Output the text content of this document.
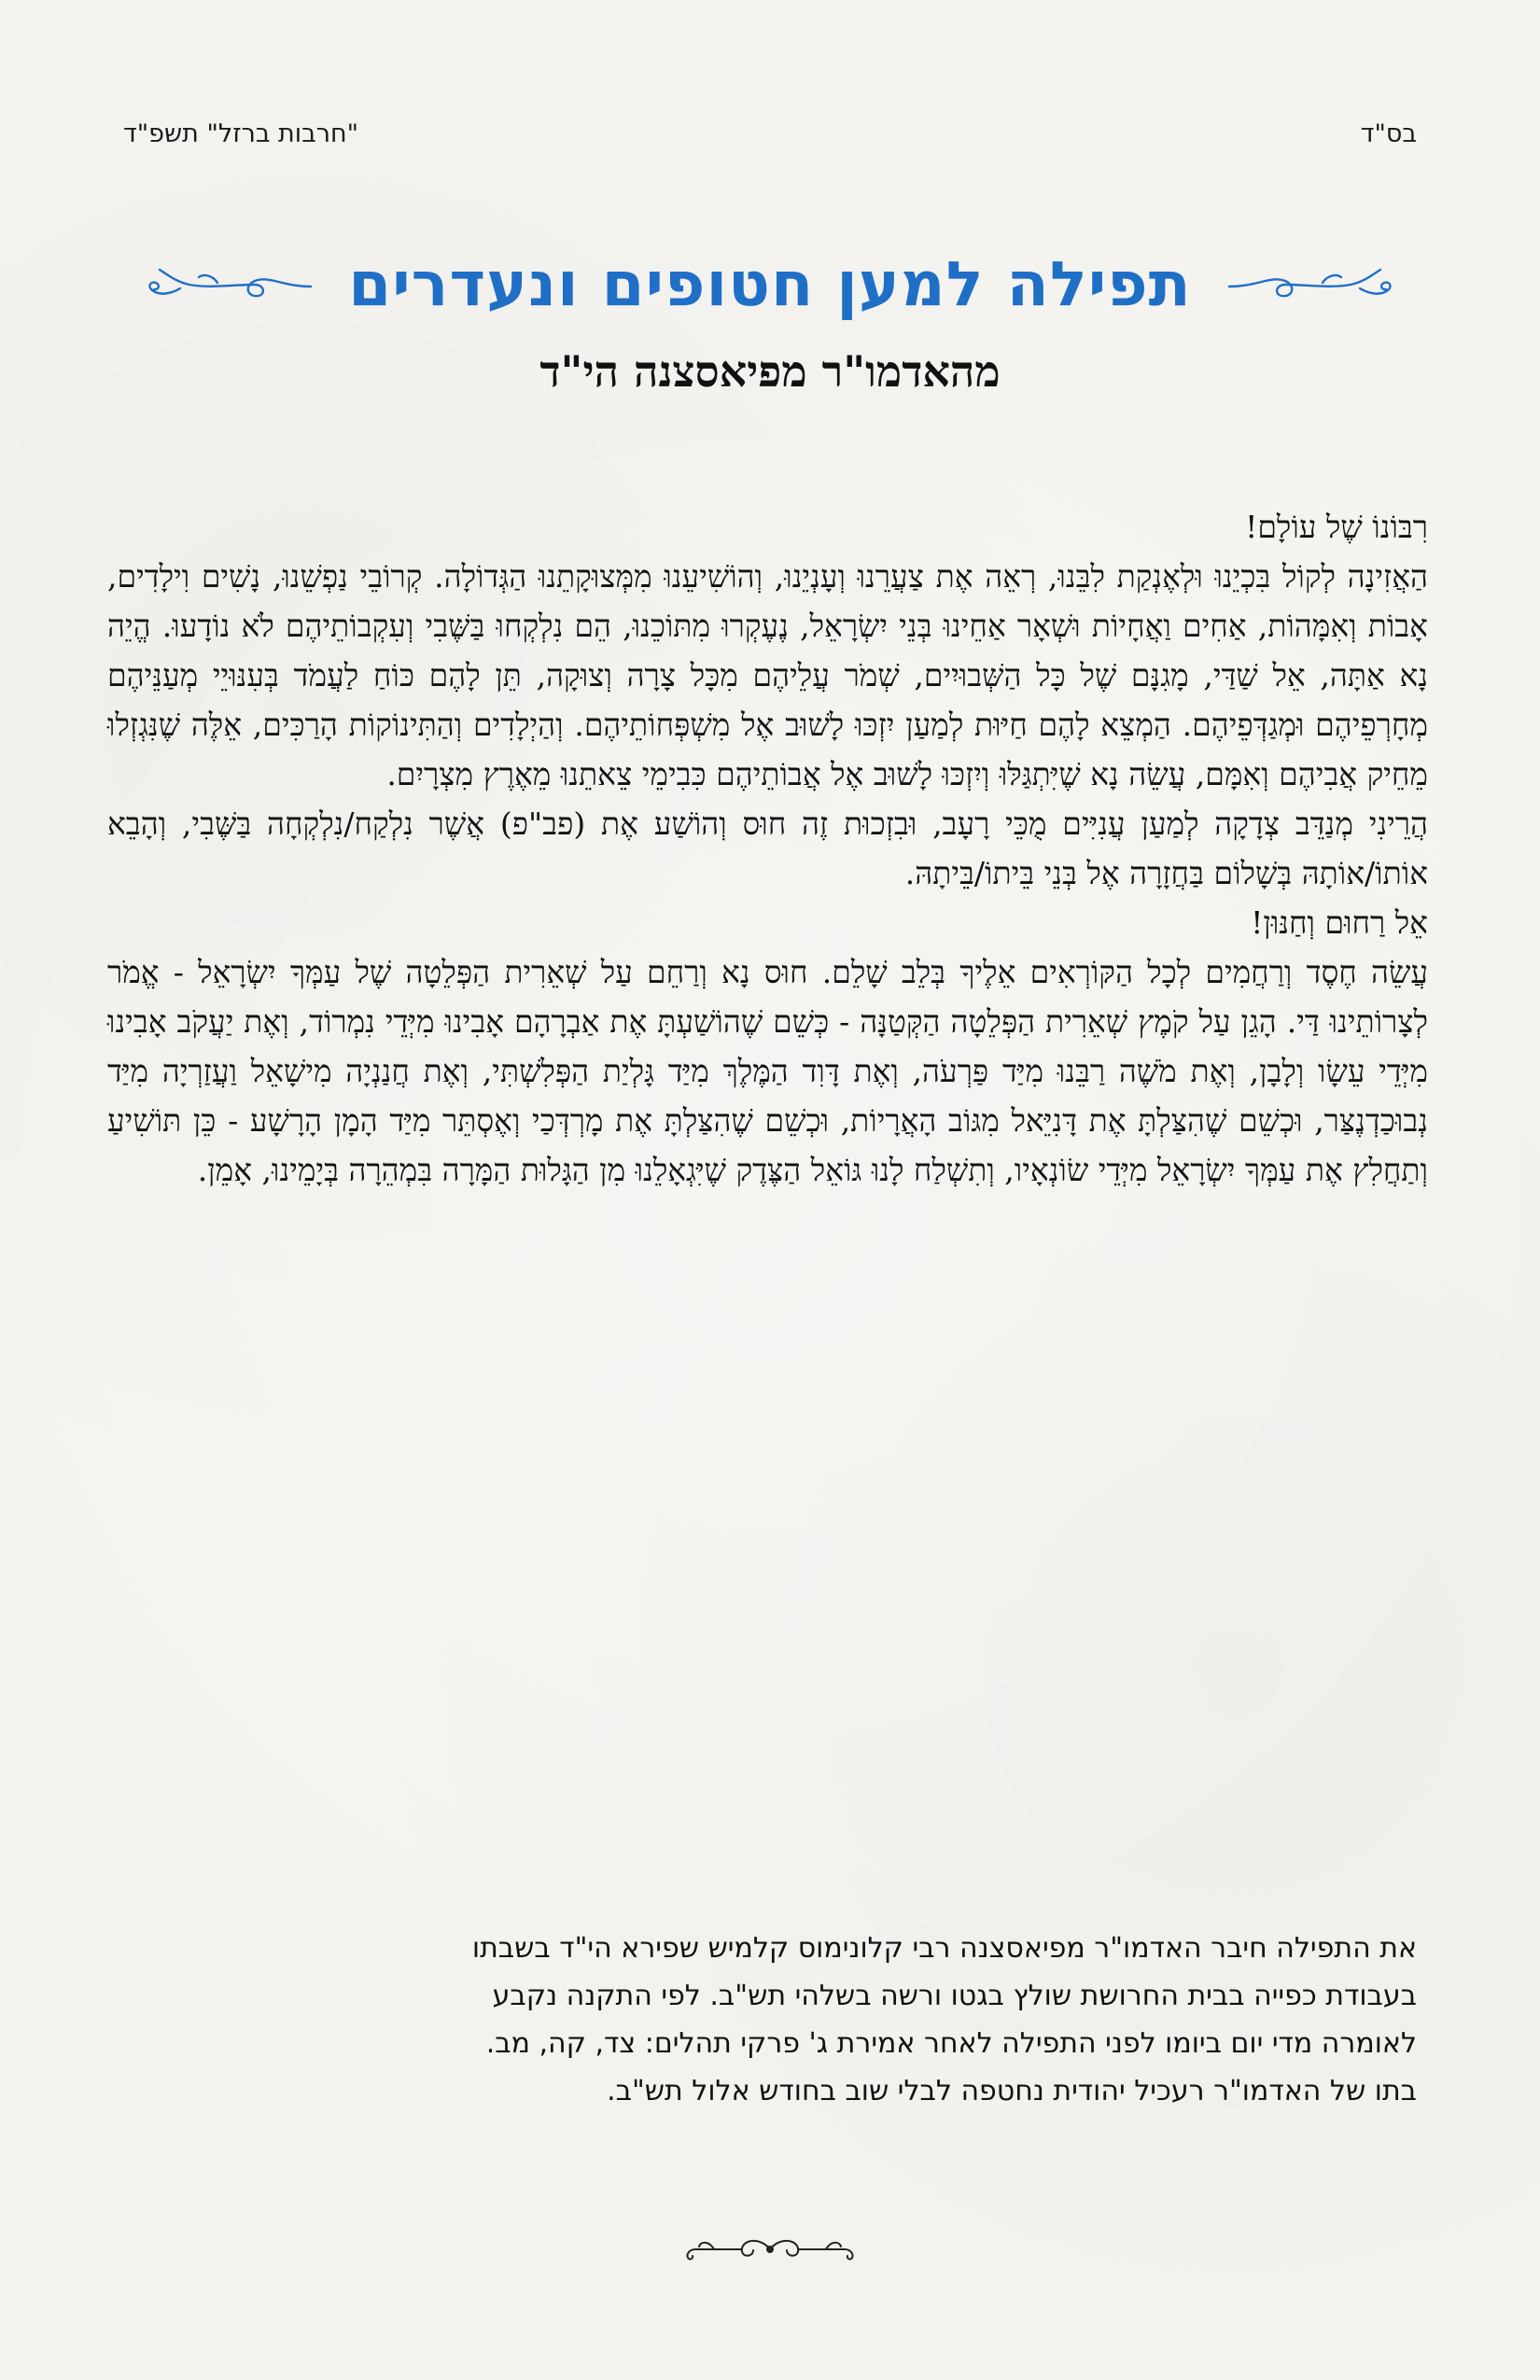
בס"ד
"חרבות ברזל" תשפ"ד
תפילה למען חטופים ונעדרים
מהאדמו"ר מפיאסצנה הי"ד

רִבּוֹנוֹ שֶׁל עוֹלָם!

הַאֲזִינָה לְקוֹל בִּכְיֵנוּ וּלְאֶנְקַת לִבֵּנוּ, רְאֵה אֶת צַעֲרֵנוּ וְעָנְיֵנוּ, וְהוֹשִׁיעֵנוּ מִמְּצוּקָתֵנוּ הַגְּדוֹלָה. קְרוֹבֵי נַפְשֵׁנוּ, נָשִׁים וִילָדִים, אָבוֹת וְאִמָּהוֹת, אַחִים וַאֲחָיוֹת וּשְׁאָר אַחֵינוּ בְּנֵי יִשְׂרָאֵל, נֶעֶקְרוּ מִתּוֹכֵנוּ, הֵם נִלְקְחוּ בַּשֶּׁבִי וְעִקְבוֹתֵיהֶם לֹא נוֹדָעוּ. הֱיֵה נָא אַתָּה, אֵל שַׁדַּי, מָגִנָּם שֶׁל כָּל הַשְּׁבוּיִים, שְׁמֹר עֲלֵיהֶם מִכָּל צָרָה וְצוּקָה, תֵּן לָהֶם כּוֹחַ לַעֲמֹד בְּעִנּוּיֵי מְעַנֵּיהֶם מְחָרְפֵיהֶם וּמְגַדְּפֵיהֶם. הַמְצֵא לָהֶם חַיּוּת לְמַעַן יִזְכּוּ לָשׁוּב אֶל מִשְׁפְּחוֹתֵיהֶם. וְהַיְלָדִים וְהַתִּינוֹקוֹת הָרַכִּים, אֵלֶּה שֶׁנִּגְזְלוּ מֵחֵיק אֲבִיהֶם וְאִמָּם, עֲשֵׂה נָא שֶׁיִּתְגַּלּוּ וְיִזְכּוּ לָשׁוּב אֶל אֲבוֹתֵיהֶם כִּבִימֵי צֵאתֵנוּ מֵאֶרֶץ מִצְרָיִם.

הֲרֵינִי מְנַדֵּב צְדָקָה לְמַעַן עֲנִיִּים מֻכֵּי רָעָב, וּבִזְכוּת זֶה חוּס וְהוֹשַׁע אֶת (פב"פ) אֲשֶׁר נִלְקַח/נִלְקְחָה בַּשֶּׁבִי, וְהָבֵא אוֹתוֹ/אוֹתָהּ בְּשָׁלוֹם בַּחֲזָרָה אֶל בְּנֵי בֵּיתוֹ/בֵּיתָהּ.

אֵל רַחוּם וְחַנּוּן!

עֲשֵׂה חֶסֶד וְרַחֲמִים לְכָל הַקּוֹרְאִים אֵלֶיךָ בְּלֵב שָׁלֵם. חוּס נָא וְרַחֵם עַל שְׁאֵרִית הַפְּלֵטָה שֶׁל עַמְּךָ יִשְׂרָאֵל - אֱמֹר לְצָרוֹתֵינוּ דַּי. הָגֵן עַל קֹמֶץ שְׁאֵרִית הַפְּלֵטָה הַקְּטַנָּה - כְּשֵׁם שֶׁהוֹשַׁעְתָּ אֶת אַבְרָהָם אָבִינוּ מִיְּדֵי נִמְרוֹד, וְאֶת יַעֲקֹב אָבִינוּ מִיְּדֵי עֵשָׂו וְלָבָן, וְאֶת מֹשֶׁה רַבֵּנוּ מִיַּד פַּרְעֹה, וְאֶת דָּוִד הַמֶּלֶךְ מִיַּד גָּלְיַת הַפְּלִשְׁתִּי, וְאֶת חֲנַנְיָה מִישָׁאֵל וַעֲזַרְיָה מִיַּד נְבוּכַדְנֶצַּר, וּכְשֵׁם שֶׁהִצַּלְתָּ אֶת דָּנִיֵּאל מִגּוֹב הָאֲרָיוֹת, וּכְשֵׁם שֶׁהִצַּלְתָּ אֶת מָרְדְּכַי וְאֶסְתֵּר מִיַּד הָמָן הָרָשָׁע - כֵּן תּוֹשִׁיעַ וְתַחֲלִץ אֶת עַמְּךָ יִשְׂרָאֵל מִיְּדֵי שׂוֹנְאָיו, וְתִשְׁלַח לָנוּ גּוֹאֵל הַצֶּדֶק שֶׁיִּגְאָלֵנוּ מִן הַגָּלוּת הַמָּרָה בִּמְהֵרָה בְּיָמֵינוּ, אָמֵן.

את התפילה חיבר האדמו"ר מפיאסצנה רבי קלונימוס קלמיש שפירא הי"ד בשבתו

בעבודת כפייה בבית החרושת שולץ בגטו ורשה בשלהי תש"ב. לפי התקנה נקבע

לאומרה מדי יום ביומו לפני התפילה לאחר אמירת ג' פרקי תהלים: צד, קה, מב.

בתו של האדמו"ר רעכיל יהודית נחטפה לבלי שוב בחודש אלול תש"ב.
